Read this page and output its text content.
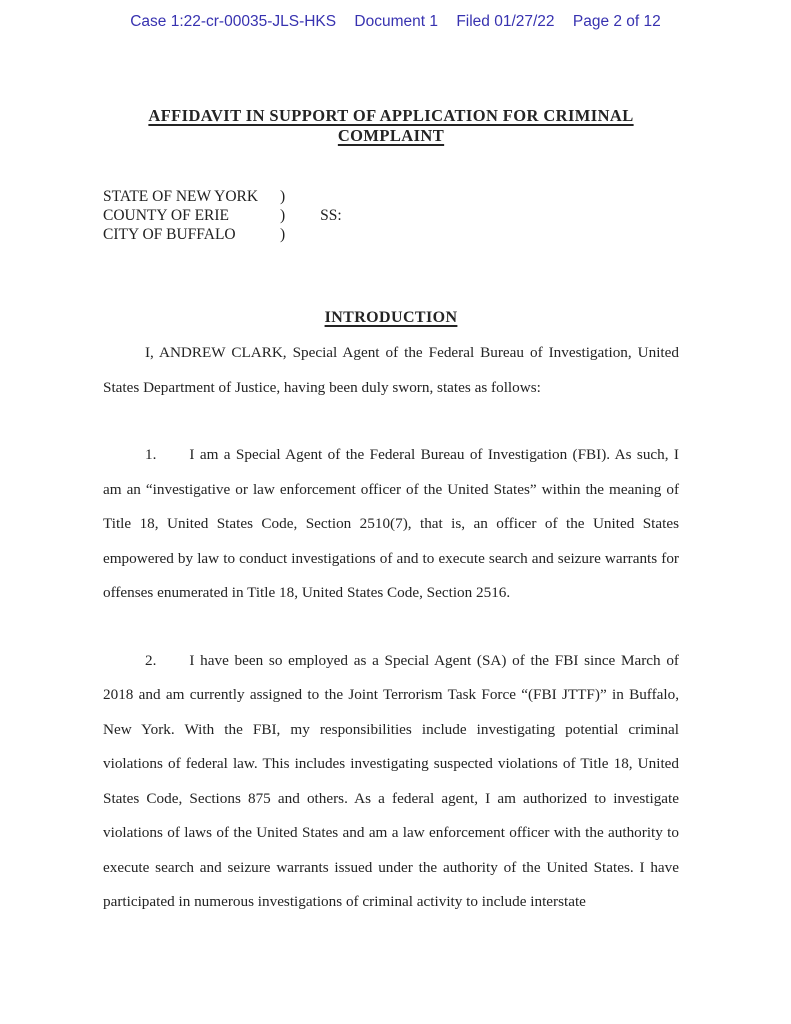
Case 1:22-cr-00035-JLS-HKS Document 1 Filed 01/27/22 Page 2 of 12
AFFIDAVIT IN SUPPORT OF APPLICATION FOR CRIMINAL COMPLAINT
STATE OF NEW YORK	)
COUNTY OF ERIE	) SS:
CITY OF BUFFALO	)
INTRODUCTION

I, ANDREW CLARK, Special Agent of the Federal Bureau of Investigation, United States Department of Justice, having been duly sworn, states as follows:

1. I am a Special Agent of the Federal Bureau of Investigation (FBI). As such, I am an “investigative or law enforcement officer of the United States” within the meaning of Title 18, United States Code, Section 2510(7), that is, an officer of the United States empowered by law to conduct investigations of and to execute search and seizure warrants for offenses enumerated in Title 18, United States Code, Section 2516.

2. I have been so employed as a Special Agent (SA) of the FBI since March of 2018 and am currently assigned to the Joint Terrorism Task Force “(FBI JTTF)” in Buffalo, New York. With the FBI, my responsibilities include investigating potential criminal violations of federal law. This includes investigating suspected violations of Title 18, United States Code, Sections 875 and others. As a federal agent, I am authorized to investigate violations of laws of the United States and am a law enforcement officer with the authority to execute search and seizure warrants issued under the authority of the United States. I have participated in numerous investigations of criminal activity to include interstate
